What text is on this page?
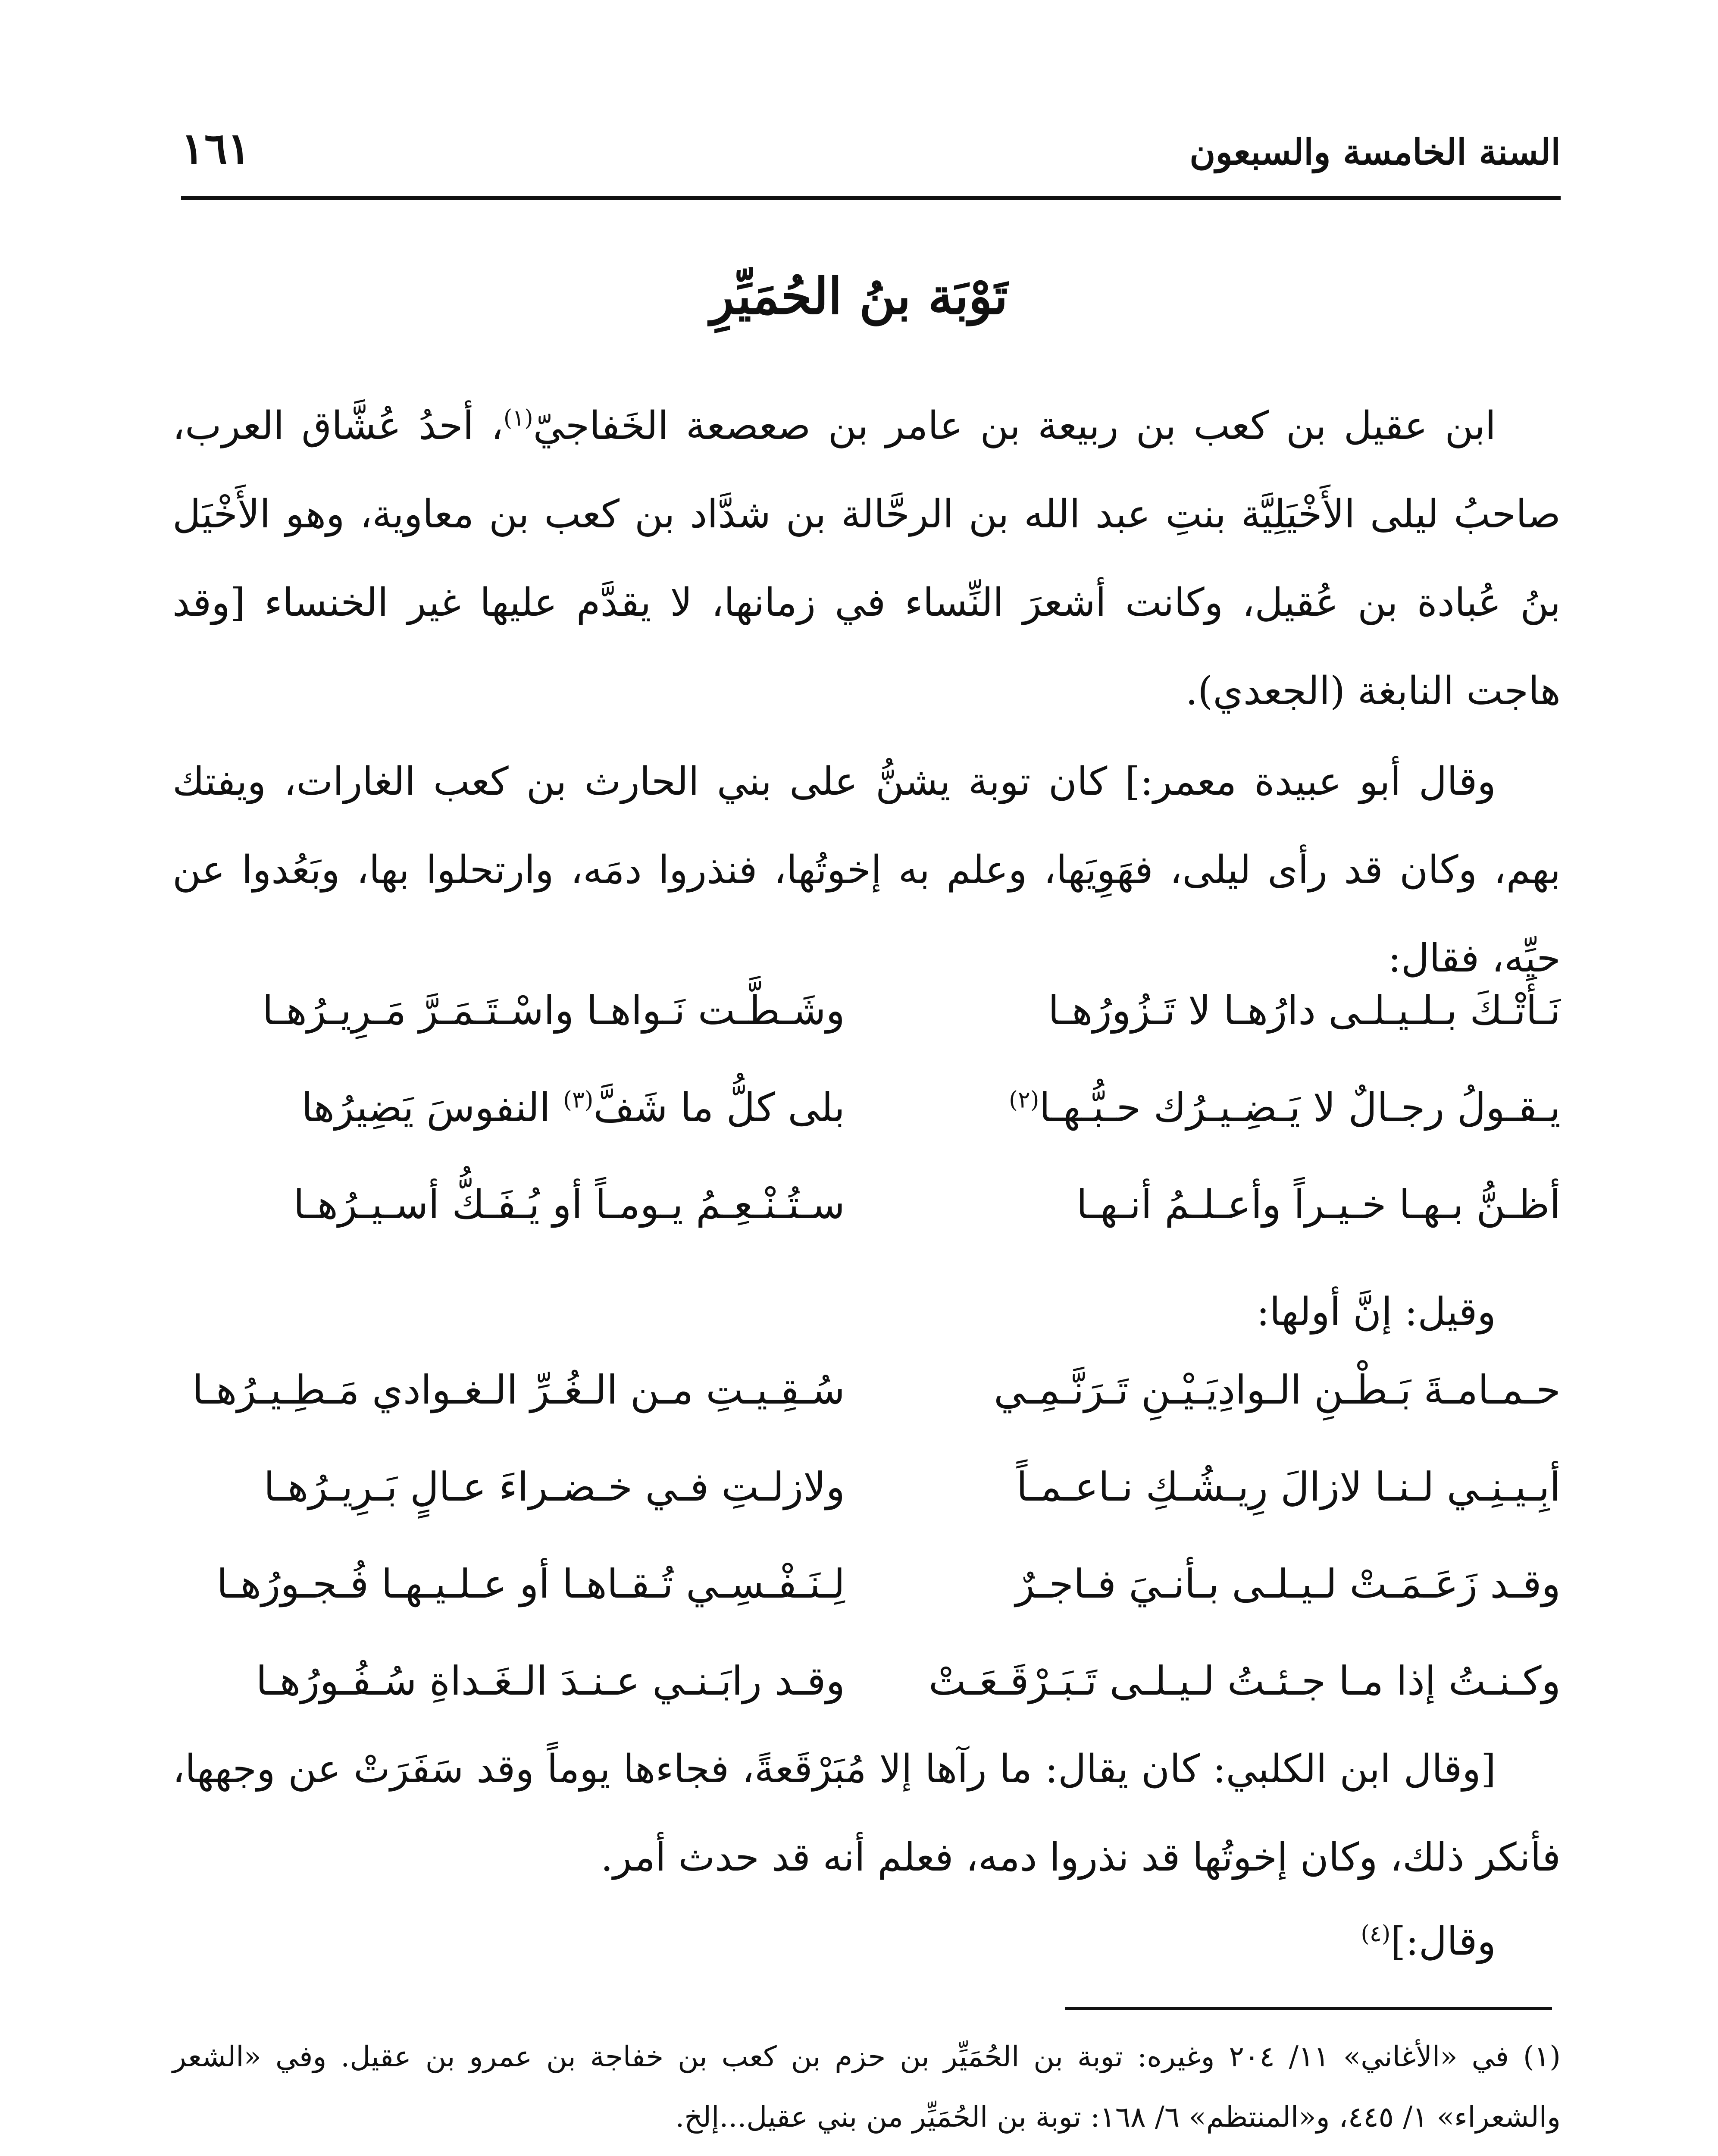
السنة الخامسة والسبعون
١٦١
تَوْبَة بنُ الحُمَيِّرِ
ابن عقيل بن كعب بن ربيعة بن عامر بن صعصعة الخَفاجيّ$^{(١)}$، أحدُ عُشَّاق العرب، صاحبُ ليلى الأَخْيَلِيَّة بنتِ عبد الله بن الرحَّالة بن شدَّاد بن كعب بن معاوية، وهو الأَخْيَل بنُ عُبادة بن عُقيل، وكانت أشعرَ النِّساء في زمانها، لا يقدَّم عليها غير الخنساء [وقد هاجت النابغة (الجعدي).
وقال أبو عبيدة معمر:] كان توبة يشنُّ على بني الحارث بن كعب الغارات، ويفتك بهم، وكان قد رأى ليلى، فهَوِيَها، وعلم به إخوتُها، فنذروا دمَه، وارتحلوا بها، وبَعُدوا عن حيِّه، فقال:
نَـأَتْـكَ بـلـيـلـى دارُهـا لا تَـزُورُهـا
وشَـطَّـت نَـواهـا واسْـتَـمَـرَّ مَـرِيـرُهـا
يـقـولُ رجـالٌ لا يَـضِـيـرُك حـبُّـهـا$^{(٢)}$
بلى كلُّ ما شَفَّ$^{(٣)}$ النفوسَ يَضِيرُها
أظـنُّ بـهـا خـيـراً وأعـلـمُ أنـهـا
سـتُـنْـعِـمُ يـومـاً أو يُـفَـكُّ أسـيـرُهـا
وقيل: إنَّ أولها:
حـمـامـةَ بَـطْـنِ الـوادِيَـيْـنِ تَـرَنَّـمِـي
سُـقِـيـتِ مـن الـغُـرِّ الـغـوادي مَـطِـيـرُهـا
أبِـيـنِـي لـنـا لازالَ رِيـشُـكِ نـاعـمـاً
ولازلـتِ فـي خـضـراءَ عـالٍ بَـرِيـرُهـا
وقـد زَعَـمَـتْ لـيـلـى بـأنـيَ فـاجـرٌ
لِـنَـفْـسِـي تُـقـاهـا أو عـلـيـهـا فُـجـورُهـا
وكـنـتُ إذا مـا جـئـتُ لـيـلـى تَـبَـرْقَـعَـتْ
وقـد رابَـنـي عـنـدَ الـغَـداةِ سُـفُـورُهـا
[وقال ابن الكلبي: كان يقال: ما رآها إلا مُبَرْقَعةً، فجاءها يوماً وقد سَفَرَتْ عن وجهها، فأنكر ذلك، وكان إخوتُها قد نذروا دمه، فعلم أنه قد حدث أمر.
وقال:]$^{(٤)}$
(١) في «الأغاني» ١١/ ٢٠٤ وغيره: توبة بن الحُمَيِّر بن حزم بن كعب بن خفاجة بن عمرو بن عقيل. وفي «الشعر والشعراء» ١/ ٤٤٥، و«المنتظم» ٦/ ١٦٨: توبة بن الحُمَيِّر من بني عقيل...إلخ.
